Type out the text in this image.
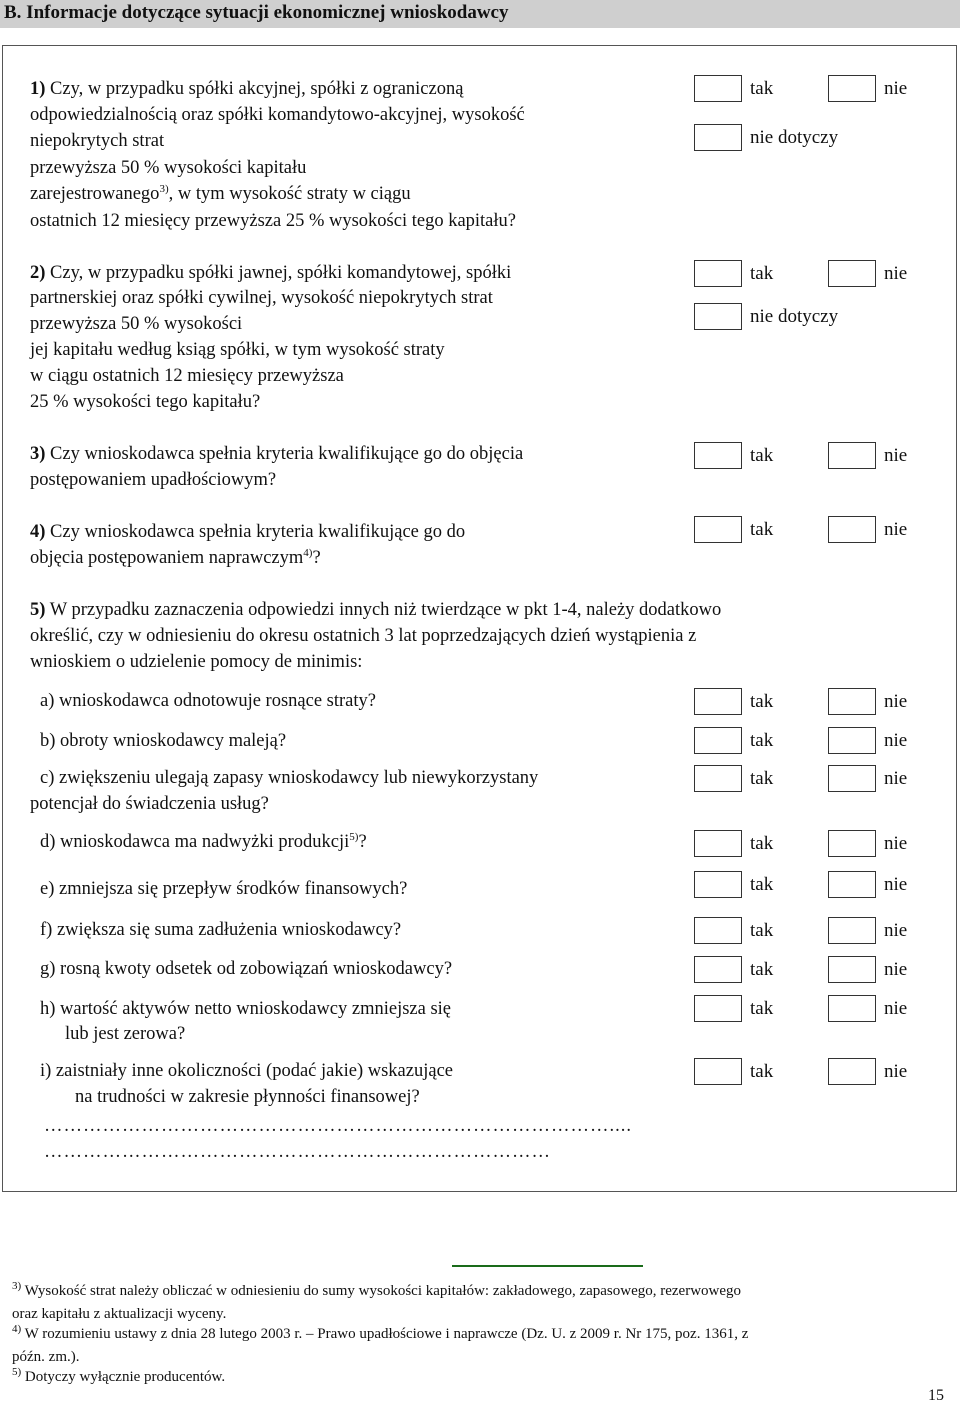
B. Informacje dotyczące sytuacji ekonomicznej wnioskodawcy
1) Czy, w przypadku spółki akcyjnej, spółki z ograniczoną
odpowiedzialnością oraz spółki komandytowo-akcyjnej, wysokość
niepokrytych strat
przewyższa 50 % wysokości kapitału
zarejestrowanego$^{3)}$, w tym wysokość straty w ciągu
ostatnich 12 miesięcy przewyższa 25 % wysokości tego kapitału?
tak	nie
nie dotyczy
2) Czy, w przypadku spółki jawnej, spółki komandytowej, spółki
partnerskiej oraz spółki cywilnej, wysokość niepokrytych strat
przewyższa 50 % wysokości
jej kapitału według ksiąg spółki, w tym wysokość straty
w ciągu ostatnich 12 miesięcy przewyższa
25 % wysokości tego kapitału?
tak	nie
nie dotyczy
3) Czy wnioskodawca spełnia kryteria kwalifikujące go do objęcia
postępowaniem upadłościowym?
tak	nie
4) Czy wnioskodawca spełnia kryteria kwalifikujące go do
objęcia postępowaniem naprawczym$^{4)}$?
tak	nie
5) W przypadku zaznaczenia odpowiedzi innych niż twierdzące w pkt 1-4, należy dodatkowo
określić, czy w odniesieniu do okresu ostatnich 3 lat poprzedzających dzień wystąpienia z
wnioskiem o udzielenie pomocy de minimis:
a) wnioskodawca odnotowuje rosnące straty?	tak	nie
b) obroty wnioskodawcy maleją?	tak	nie
c) zwiększeniu ulegają zapasy wnioskodawcy lub niewykorzystany
potencjał do świadczenia usług?
tak	nie
d) wnioskodawca ma nadwyżki produkcji$^{5)}$?	tak	nie
e) zmniejsza się przepływ środków finansowych?	tak	nie
f) zwiększa się suma zadłużenia wnioskodawcy?	tak	nie
g) rosną kwoty odsetek od zobowiązań wnioskodawcy?	tak	nie
h) wartość aktywów netto wnioskodawcy zmniejsza się
lub jest zerowa?
tak	nie
i) zaistniały inne okoliczności (podać jakie) wskazujące
na trudności w zakresie płynności finansowej?
tak	nie
……………………………………………………………………………....
……………………………………………………………………
$^{3)}$ Wysokość strat należy obliczać w odniesieniu do sumy wysokości kapitałów: zakładowego, zapasowego, rezerwowego
oraz kapitału z aktualizacji wyceny.
$^{4)}$ W rozumieniu ustawy z dnia 28 lutego 2003 r. – Prawo upadłościowe i naprawcze (Dz. U. z 2009 r. Nr 175, poz. 1361, z
późn. zm.).
$^{5)}$ Dotyczy wyłącznie producentów.
15
